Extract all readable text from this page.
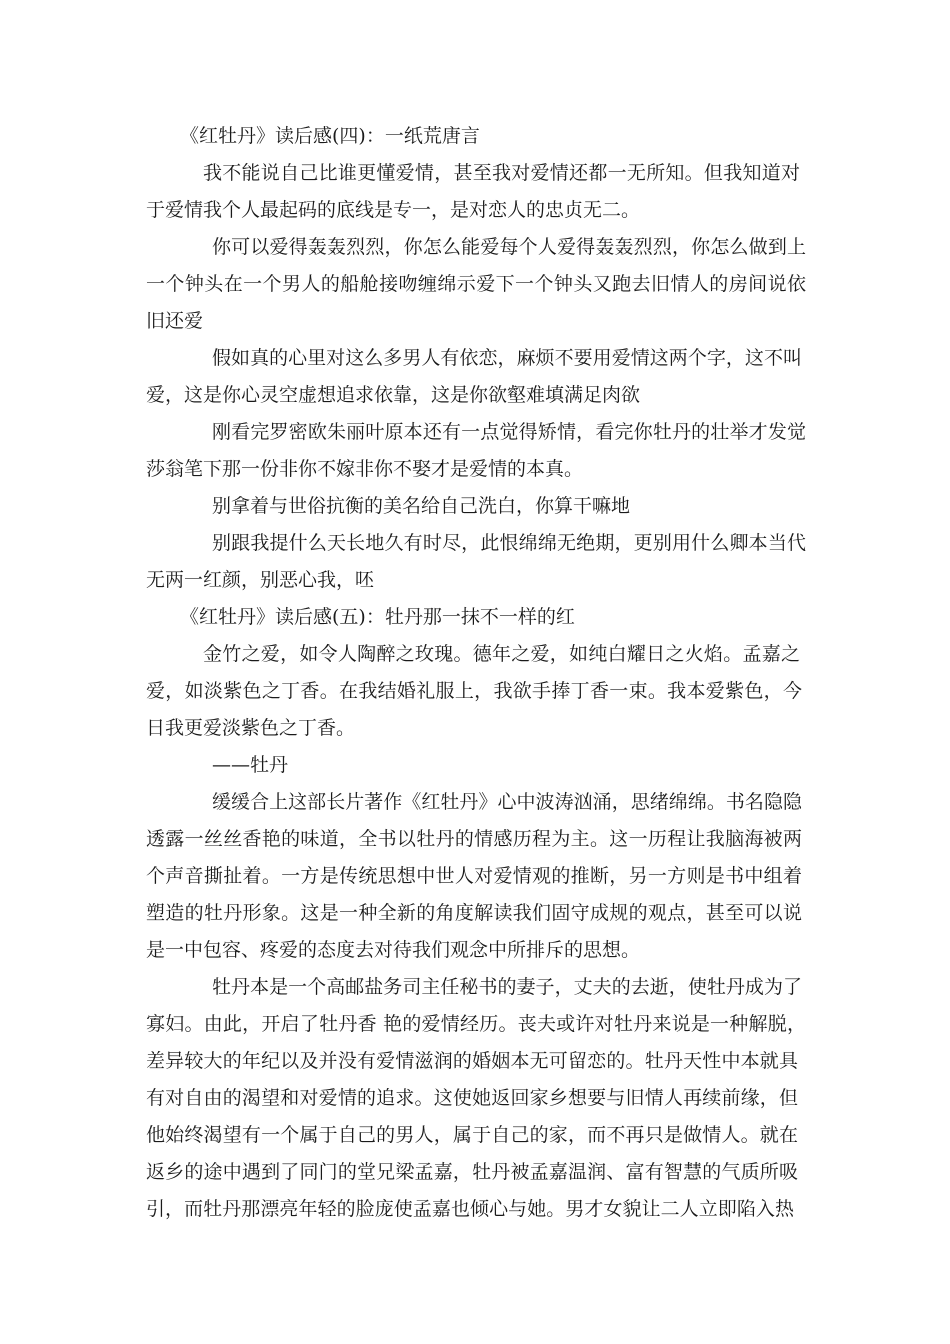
《红牡丹》读后感(四)：一纸荒唐言
我不能说自己比谁更懂爱情，甚至我对爱情还都一无所知。但我知道对
于爱情我个人最起码的底线是专一，是对恋人的忠贞无二。
你可以爱得轰轰烈烈，你怎么能爱每个人爱得轰轰烈烈，你怎么做到上
一个钟头在一个男人的船舱接吻缠绵示爱下一个钟头又跑去旧情人的房间说依
旧还爱
假如真的心里对这么多男人有依恋，麻烦不要用爱情这两个字，这不叫
爱，这是你心灵空虚想追求依靠，这是你欲壑难填满足肉欲
刚看完罗密欧朱丽叶原本还有一点觉得矫情，看完你牡丹的壮举才发觉
莎翁笔下那一份非你不嫁非你不娶才是爱情的本真。
别拿着与世俗抗衡的美名给自己洗白，你算干嘛地
别跟我提什么天长地久有时尽，此恨绵绵无绝期，更别用什么卿本当代
无两一红颜，别恶心我，呸
《红牡丹》读后感(五)：牡丹那一抹不一样的红
金竹之爱，如令人陶醉之玫瑰。德年之爱，如纯白耀日之火焰。孟嘉之
爱，如淡紫色之丁香。在我结婚礼服上，我欲手捧丁香一束。我本爱紫色，今
日我更爱淡紫色之丁香。
——牡丹
缓缓合上这部长片著作《红牡丹》心中波涛汹涌，思绪绵绵。书名隐隐
透露一丝丝香艳的味道，全书以牡丹的情感历程为主。这一历程让我脑海被两
个声音撕扯着。一方是传统思想中世人对爱情观的推断，另一方则是书中组着
塑造的牡丹形象。这是一种全新的角度解读我们固守成规的观点，甚至可以说
是一中包容、疼爱的态度去对待我们观念中所排斥的思想。
牡丹本是一个高邮盐务司主任秘书的妻子，丈夫的去逝，使牡丹成为了
寡妇。由此，开启了牡丹香 艳的爱情经历。丧夫或许对牡丹来说是一种解脱，
差异较大的年纪以及并没有爱情滋润的婚姻本无可留恋的。牡丹天性中本就具
有对自由的渴望和对爱情的追求。这使她返回家乡想要与旧情人再续前缘，但
他始终渴望有一个属于自己的男人，属于自己的家，而不再只是做情人。就在
返乡的途中遇到了同门的堂兄梁孟嘉，牡丹被孟嘉温润、富有智慧的气质所吸
引，而牡丹那漂亮年轻的脸庞使孟嘉也倾心与她。男才女貌让二人立即陷入热
